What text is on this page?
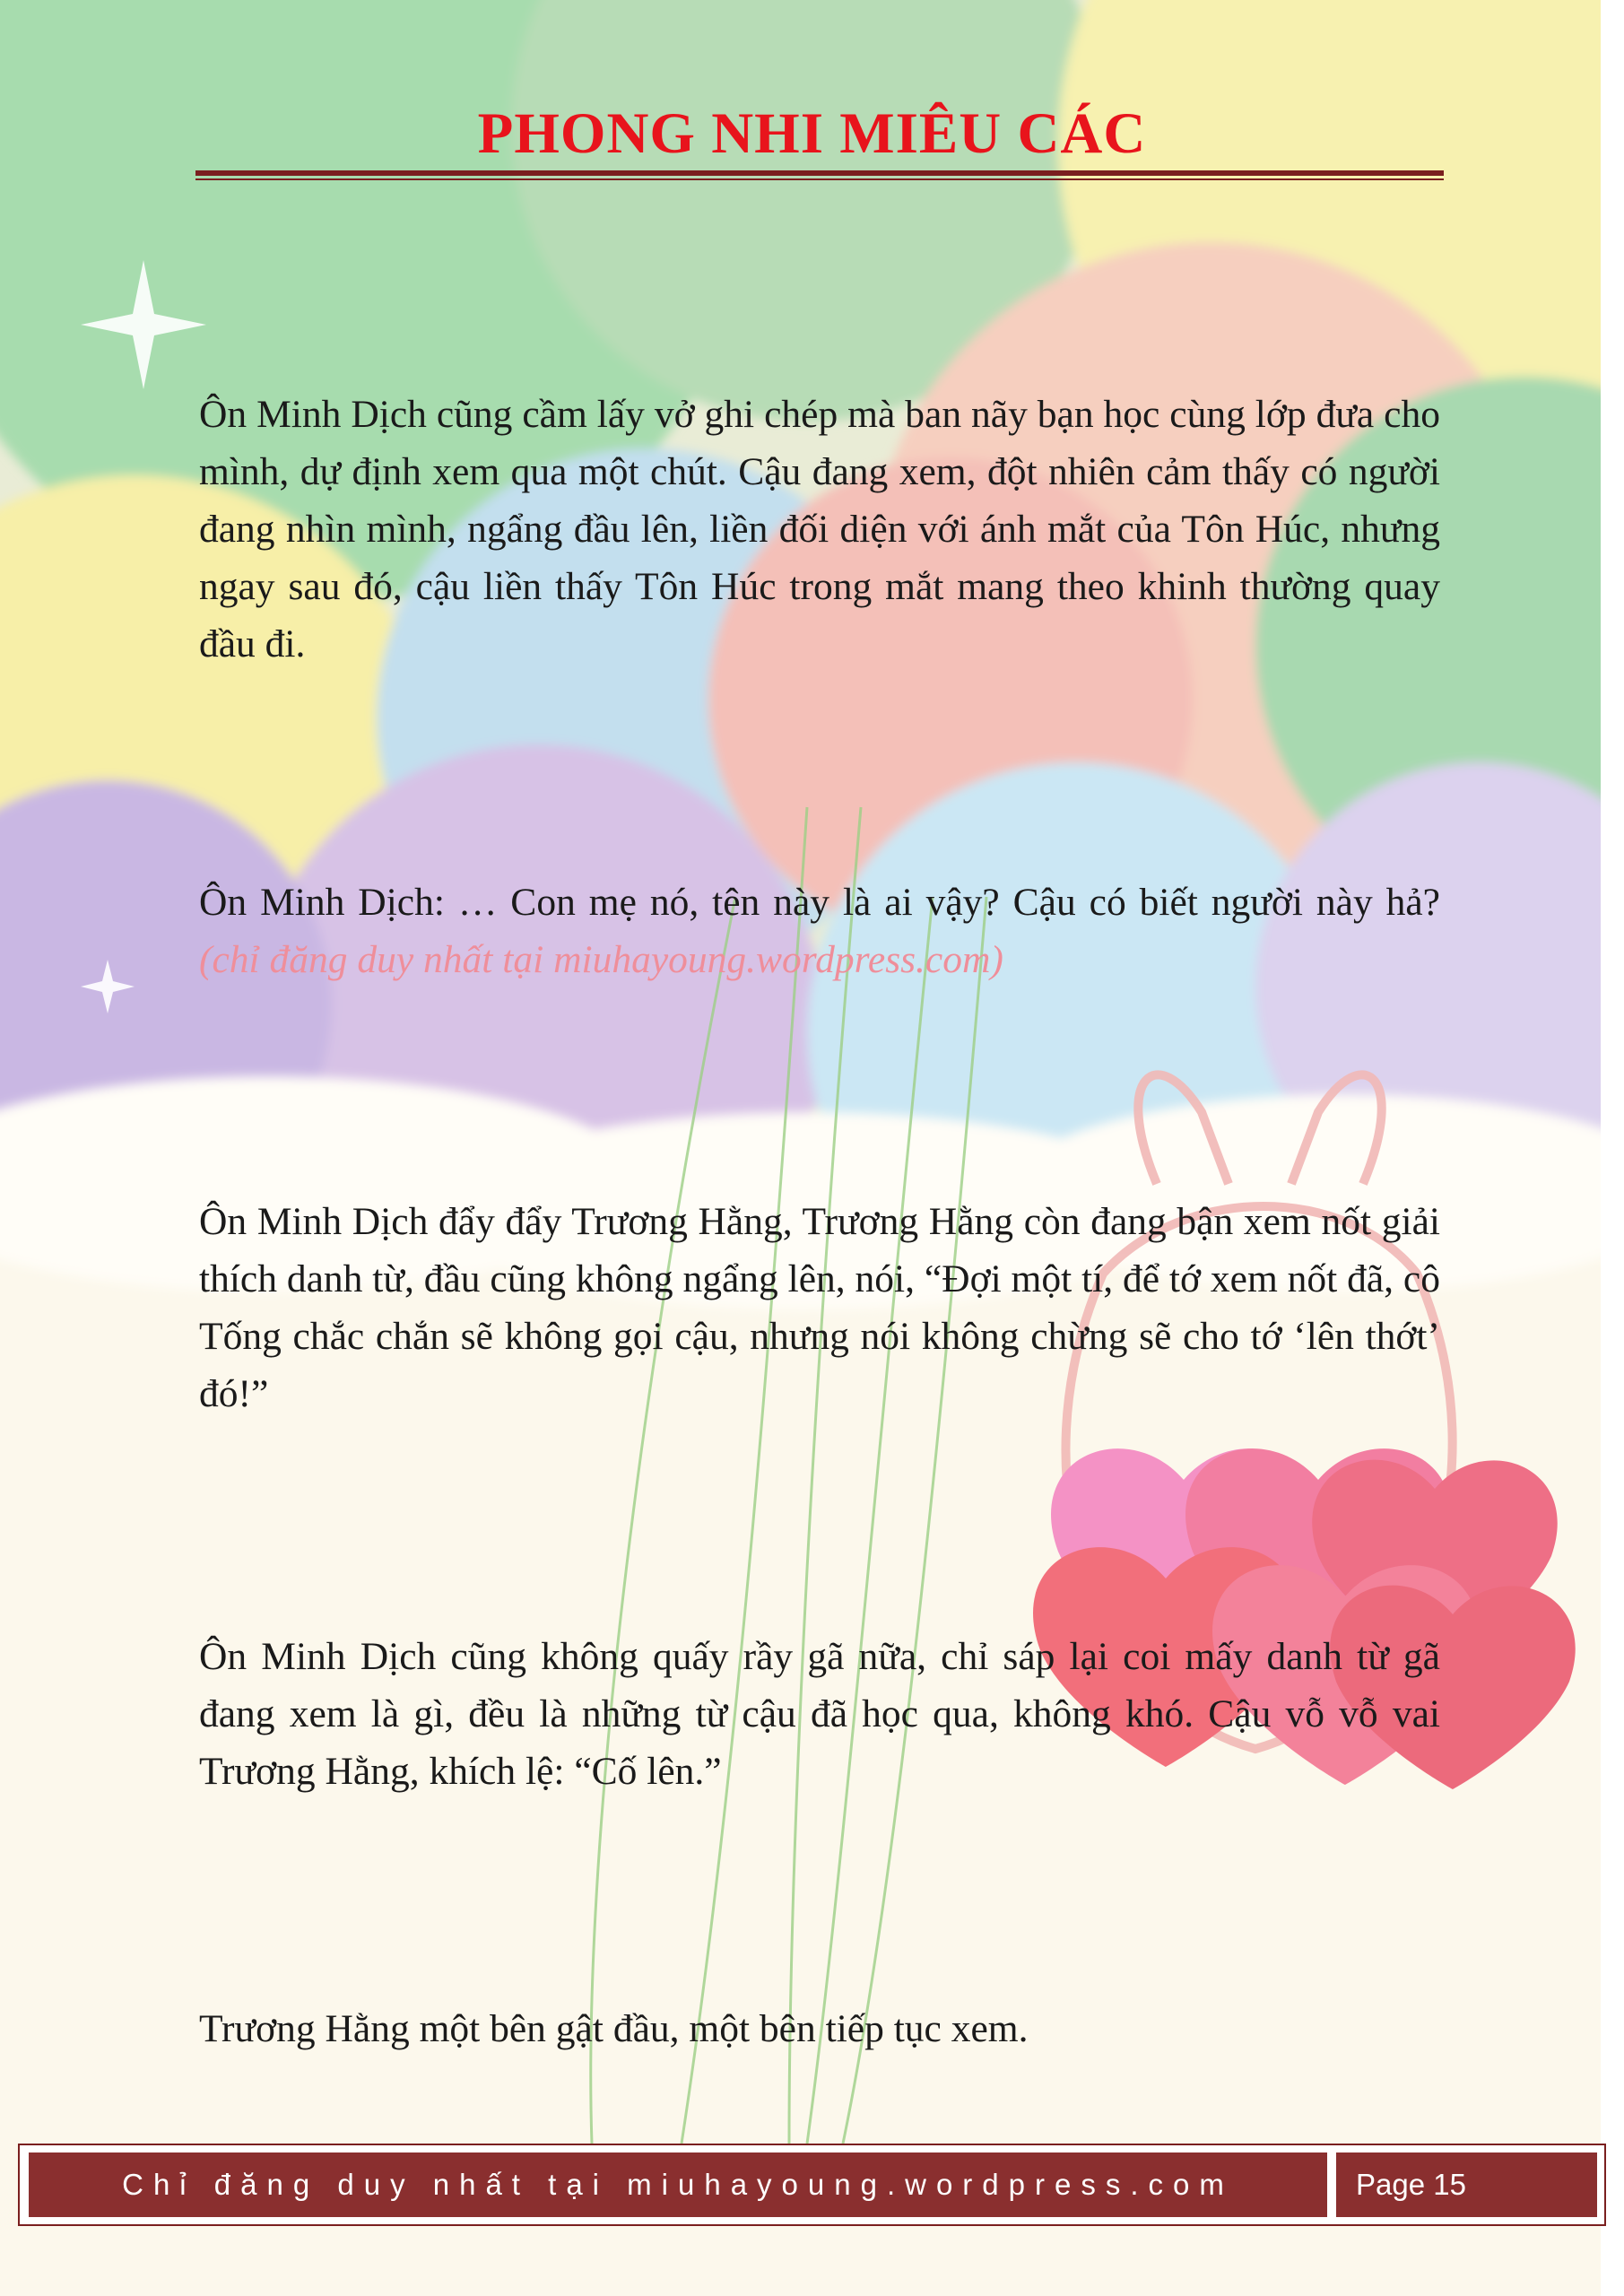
PHONG NHI MIÊU CÁC

Ôn Minh Dịch cũng cầm lấy vở ghi chép mà ban nãy bạn học cùng lớp đưa cho mình, dự định xem qua một chút. Cậu đang xem, đột nhiên cảm thấy có người đang nhìn mình, ngẩng đầu lên, liền đối diện với ánh mắt của Tôn Húc, nhưng ngay sau đó, cậu liền thấy Tôn Húc trong mắt mang theo khinh thường quay đầu đi.

Ôn Minh Dịch: … Con mẹ nó, tên này là ai vậy? Cậu có biết người này hả? (chỉ đăng duy nhất tại miuhayoung.wordpress.com)

Ôn Minh Dịch đẩy đẩy Trương Hằng, Trương Hằng còn đang bận xem nốt giải thích danh từ, đầu cũng không ngẩng lên, nói, “Đợi một tí, để tớ xem nốt đã, cô Tống chắc chắn sẽ không gọi cậu, nhưng nói không chừng sẽ cho tớ ‘lên thớt’ đó!”

Ôn Minh Dịch cũng không quấy rầy gã nữa, chỉ sáp lại coi mấy danh từ gã đang xem là gì, đều là những từ cậu đã học qua, không khó. Cậu vỗ vỗ vai Trương Hằng, khích lệ: “Cố lên.”

Trương Hằng một bên gật đầu, một bên tiếp tục xem.

Chỉ đăng duy nhất tại miuhayoung.wordpress.com	Page 15
